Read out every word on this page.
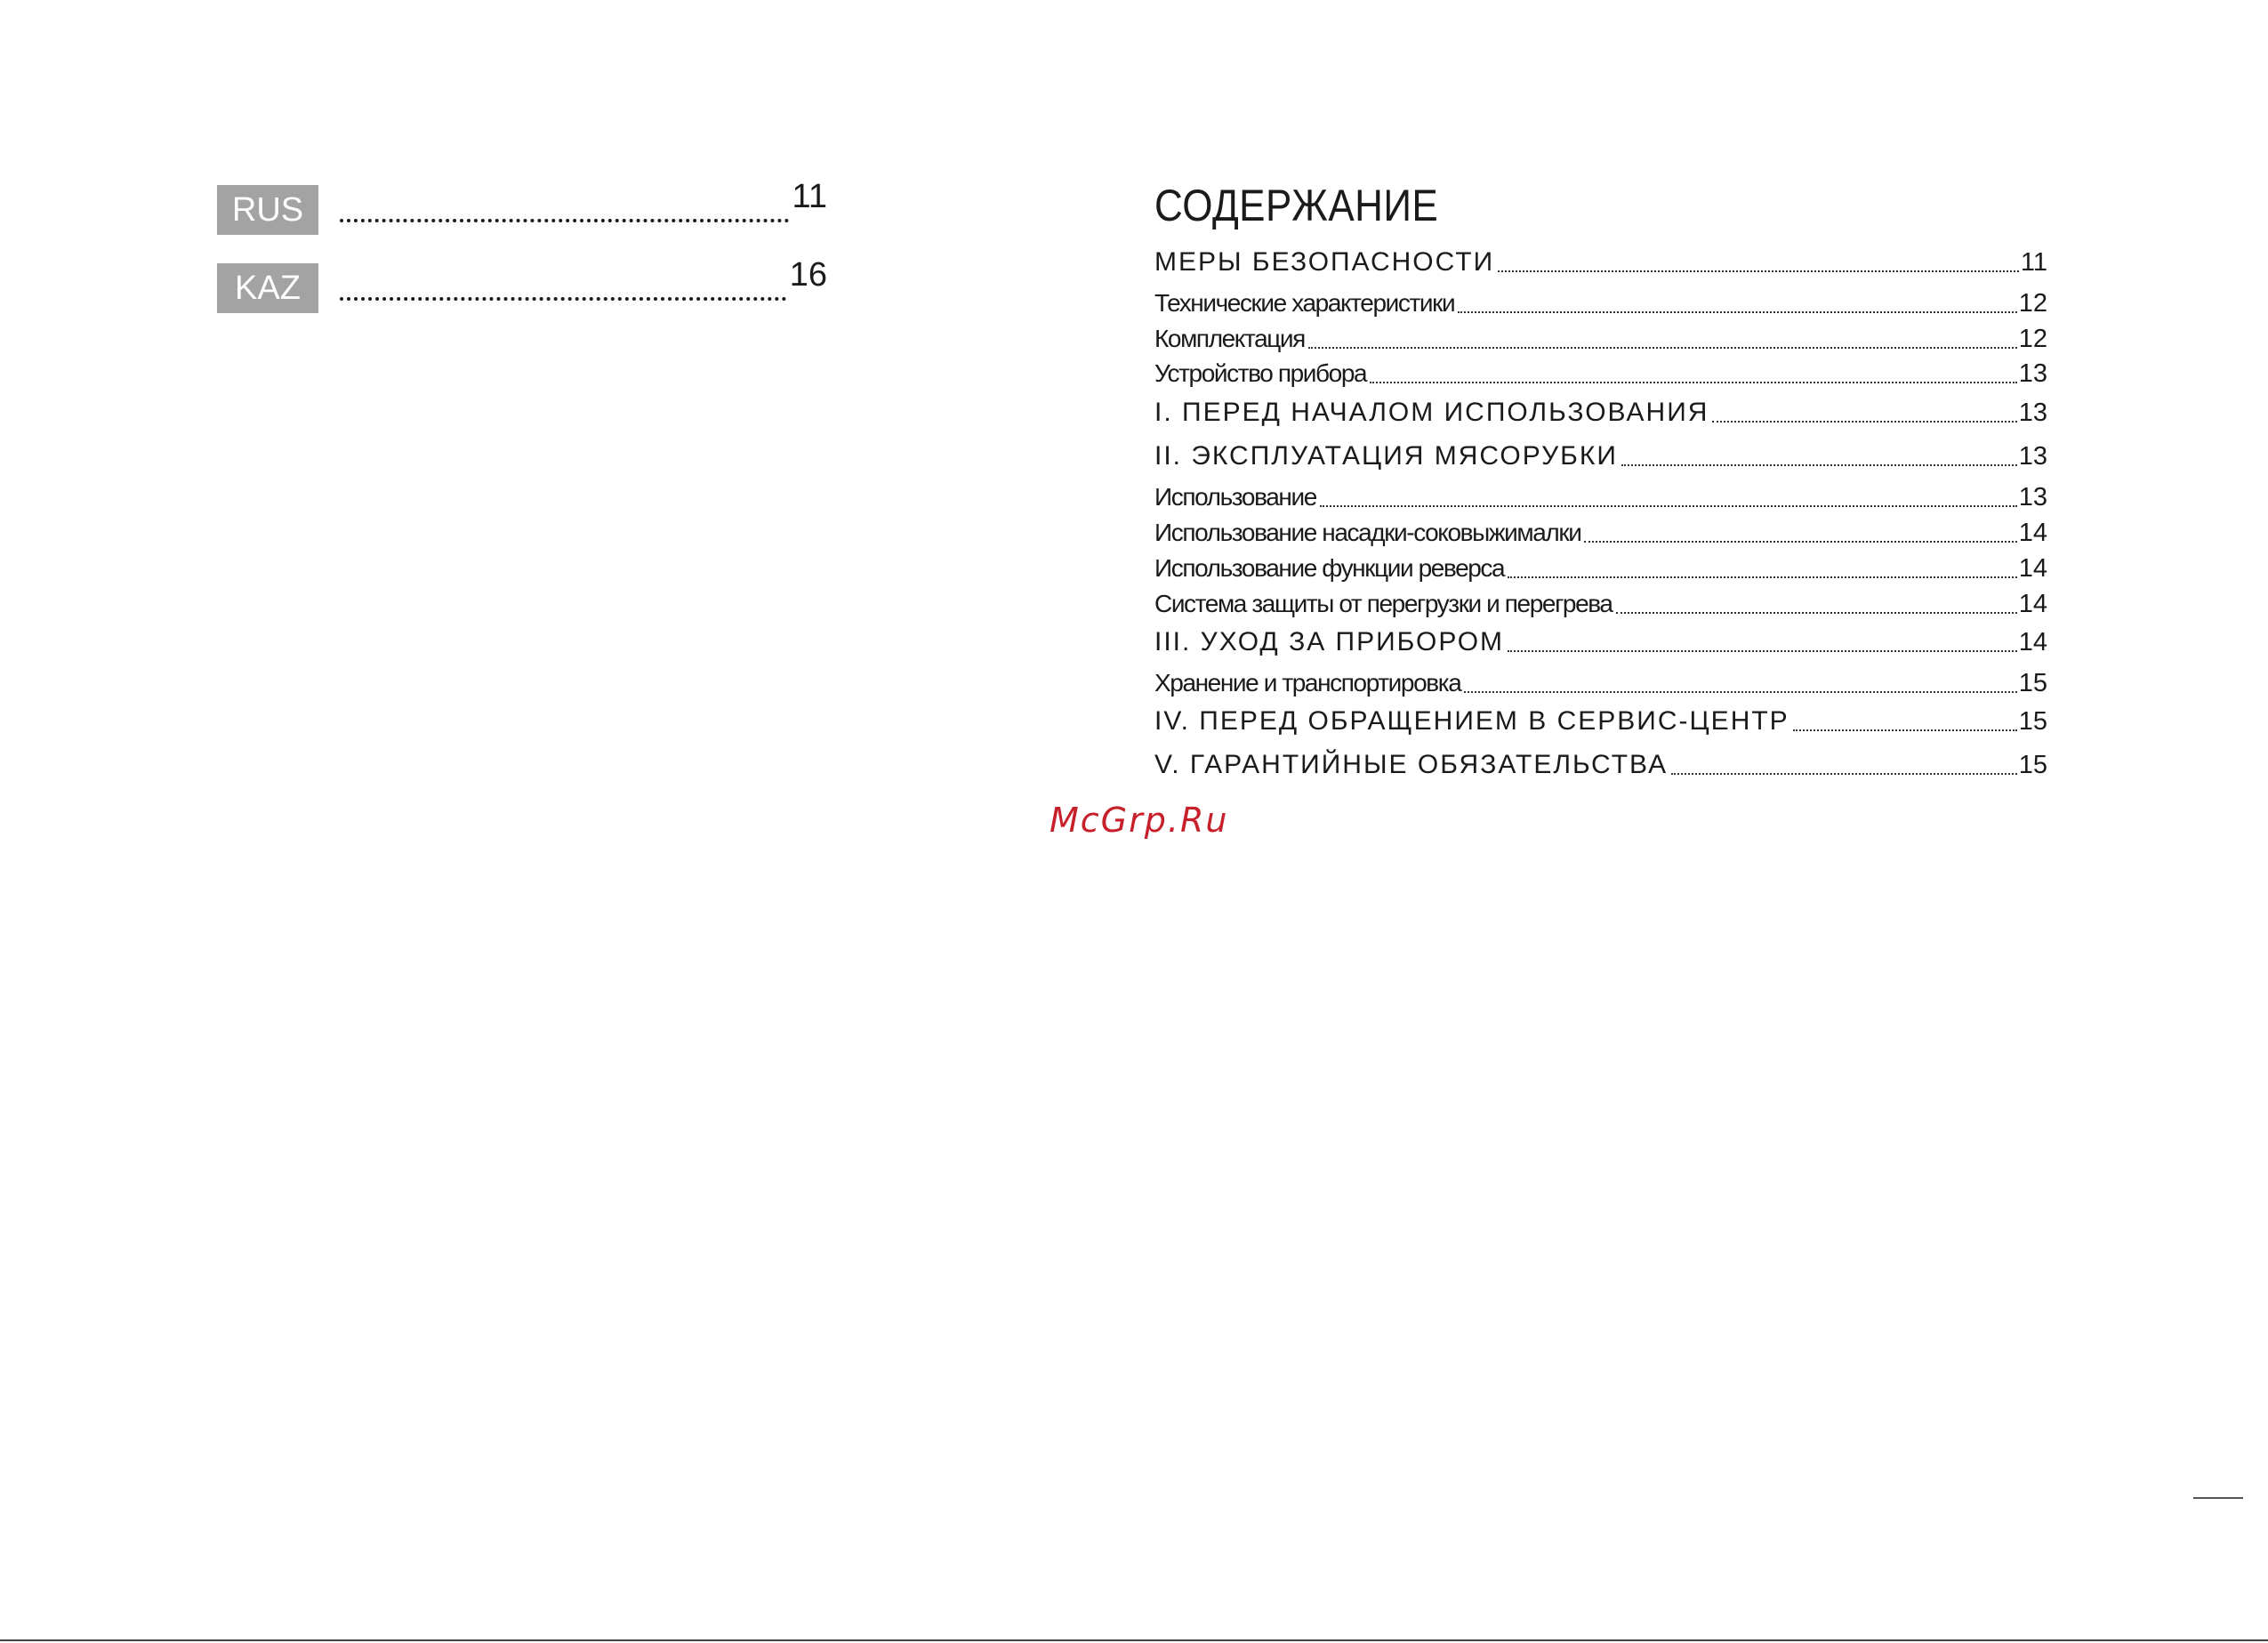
RUS	11
KAZ	16
СОДЕРЖАНИЕ
МЕРЫ БЕЗОПАСНОСТИ	11
Технические характеристики	12
Комплектация	12
Устройство прибора	13
I. ПЕРЕД НАЧАЛОМ ИСПОЛЬЗОВАНИЯ	13
II. ЭКСПЛУАТАЦИЯ МЯСОРУБКИ	13
Использование	13
Использование насадки-соковыжималки	14
Использование функции реверса	14
Система защиты от перегрузки и перегрева	14
III. УХОД ЗА ПРИБОРОМ	14
Хранение и транспортировка	15
IV. ПЕРЕД ОБРАЩЕНИЕМ В СЕРВИС-ЦЕНТР	15
V. ГАРАНТИЙНЫЕ ОБЯЗАТЕЛЬСТВА	15
McGrp.Ru
